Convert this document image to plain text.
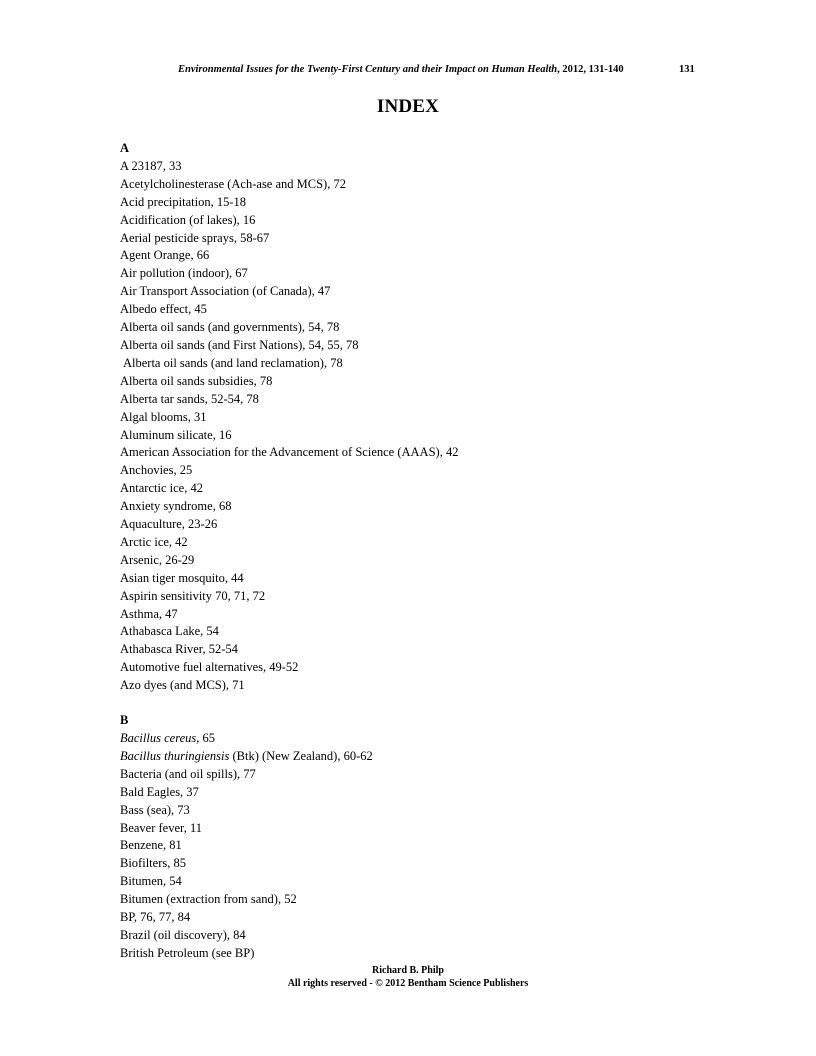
Environmental Issues for the Twenty-First Century and their Impact on Human Health, 2012, 131-140	131
INDEX
A
A 23187, 33
Acetylcholinesterase (Ach-ase and MCS), 72
Acid precipitation, 15-18
Acidification (of lakes), 16
Aerial pesticide sprays, 58-67
Agent Orange, 66
Air pollution (indoor), 67
Air Transport Association (of Canada), 47
Albedo effect, 45
Alberta oil sands (and governments), 54, 78
Alberta oil sands (and First Nations), 54, 55, 78
Alberta oil sands (and land reclamation), 78
Alberta oil sands subsidies, 78
Alberta tar sands, 52-54, 78
Algal blooms, 31
Aluminum silicate, 16
American Association for the Advancement of Science (AAAS), 42
Anchovies, 25
Antarctic ice, 42
Anxiety syndrome, 68
Aquaculture, 23-26
Arctic ice, 42
Arsenic, 26-29
Asian tiger mosquito, 44
Aspirin sensitivity 70, 71, 72
Asthma, 47
Athabasca Lake, 54
Athabasca River, 52-54
Automotive fuel alternatives, 49-52
Azo dyes (and MCS), 71
B
Bacillus cereus, 65
Bacillus thuringiensis (Btk) (New Zealand), 60-62
Bacteria (and oil spills), 77
Bald Eagles, 37
Bass (sea), 73
Beaver fever, 11
Benzene, 81
Biofilters, 85
Bitumen, 54
Bitumen (extraction from sand), 52
BP, 76, 77, 84
Brazil (oil discovery), 84
British Petroleum (see BP)
Richard B. Philp
All rights reserved - © 2012 Bentham Science Publishers
